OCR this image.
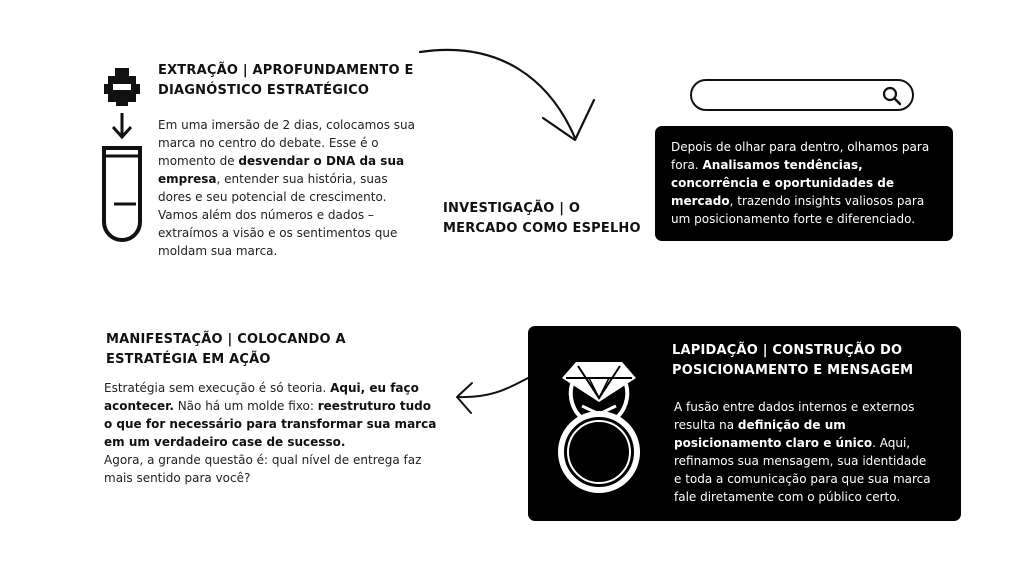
EXTRAÇÃO | APROFUNDAMENTO E DIAGNÓSTICO ESTRATÉGICO

Em uma imersão de 2 dias, colocamos sua marca no centro do debate. Esse é o momento de desvendar o DNA da sua empresa, entender sua história, suas dores e seu potencial de crescimento. Vamos além dos números e dados – extraímos a visão e os sentimentos que moldam sua marca.

INVESTIGAÇÃO | O MERCADO COMO ESPELHO

Depois de olhar para dentro, olhamos para fora. Analisamos tendências, concorrência e oportunidades de mercado, trazendo insights valiosos para um posicionamento forte e diferenciado.

MANIFESTAÇÃO | COLOCANDO A ESTRATÉGIA EM AÇÃO

Estratégia sem execução é só teoria. Aqui, eu faço acontecer. Não há um molde fixo: reestruturo tudo o que for necessário para transformar sua marca em um verdadeiro case de sucesso.
Agora, a grande questão é: qual nível de entrega faz mais sentido para você?

LAPIDAÇÃO | CONSTRUÇÃO DO POSICIONAMENTO E MENSAGEM

A fusão entre dados internos e externos resulta na definição de um posicionamento claro e único. Aqui, refinamos sua mensagem, sua identidade e toda a comunicação para que sua marca fale diretamente com o público certo.
